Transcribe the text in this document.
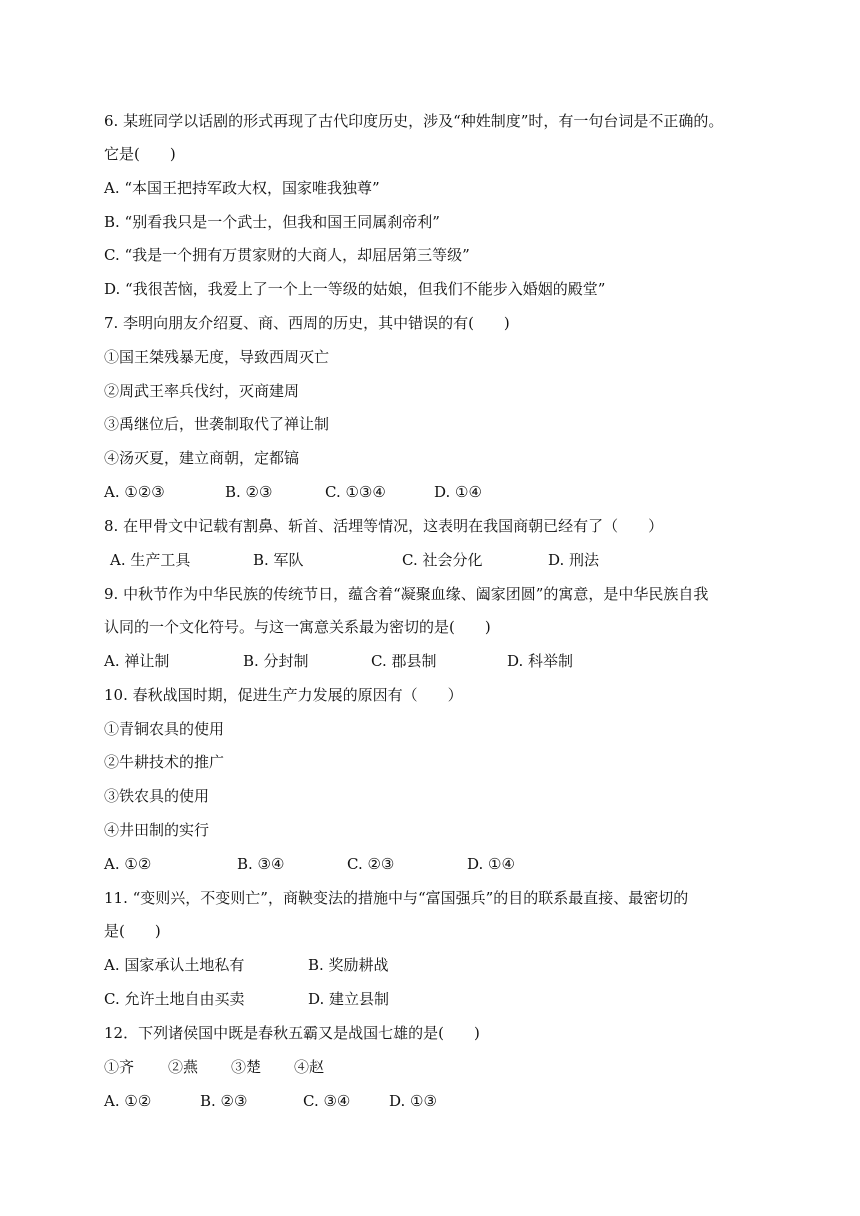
6. 某班同学以话剧的形式再现了古代印度历史，涉及“种姓制度”时，有一句台词是不正确的。
它是(　　)
A. “本国王把持军政大权，国家唯我独尊”
B. “别看我只是一个武士，但我和国王同属刹帝利”
C. “我是一个拥有万贯家财的大商人，却屈居第三等级”
D. “我很苦恼，我爱上了一个上一等级的姑娘，但我们不能步入婚姻的殿堂”
7. 李明向朋友介绍夏、商、西周的历史，其中错误的有(　　)
①国王桀残暴无度，导致西周灭亡
②周武王率兵伐纣，灭商建周
③禹继位后，世袭制取代了禅让制
④汤灭夏，建立商朝，定都镐
A. ①②③	B. ②③	C. ①③④	D. ①④
8. 在甲骨文中记载有割鼻、斩首、活埋等情况，这表明在我国商朝已经有了（　　）
A. 生产工具	B. 军队	C. 社会分化	D. 刑法
9. 中秋节作为中华民族的传统节日，蕴含着“凝聚血缘、阖家团圆”的寓意，是中华民族自我
认同的一个文化符号。与这一寓意关系最为密切的是(　　)
A. 禅让制	B. 分封制	C. 郡县制	D. 科举制
10. 春秋战国时期，促进生产力发展的原因有（　　）
①青铜农具的使用
②牛耕技术的推广
③铁农具的使用
④井田制的实行
A. ①②	B. ③④	C. ②③	D. ①④
11. “变则兴，不变则亡”，商鞅变法的措施中与“富国强兵”的目的联系最直接、最密切的
是(　　)
A. 国家承认土地私有	B. 奖励耕战
C. 允许土地自由买卖	D. 建立县制
12．下列诸侯国中既是春秋五霸又是战国七雄的是(　　)
①齐 ②燕 ③楚 ④赵
A. ①②	B. ②③	C. ③④	D. ①③
